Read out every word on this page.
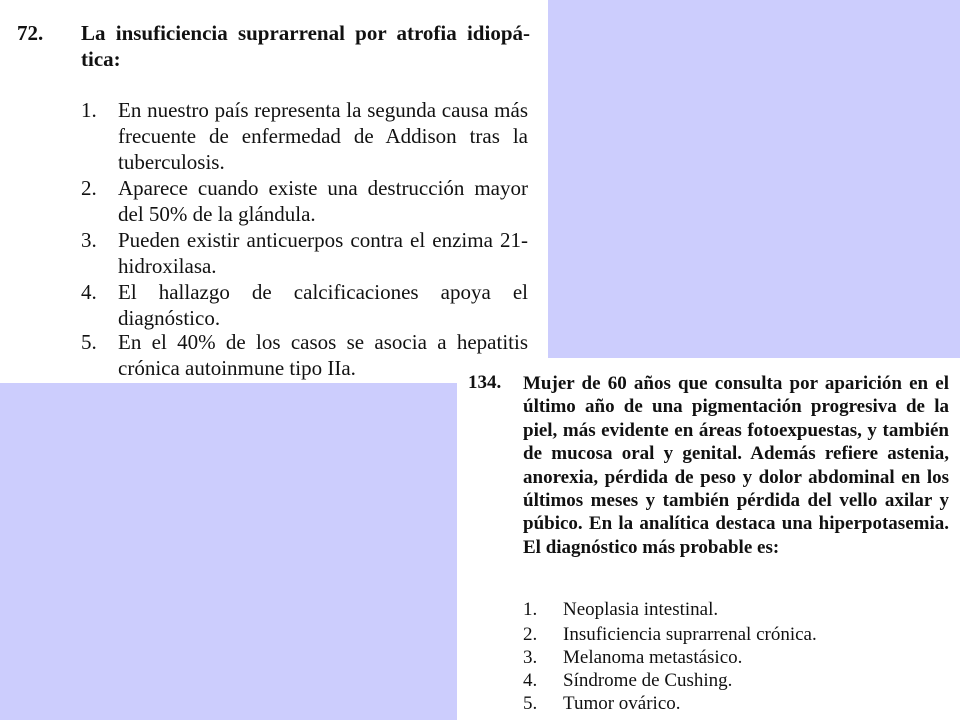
72. La insuficiencia suprarrenal por atrofia idiopá-tica:
1. En nuestro país representa la segunda causa más frecuente de enfermedad de Addison tras la tuberculosis.
2. Aparece cuando existe una destrucción mayor del 50% de la glándula.
3. Pueden existir anticuerpos contra el enzima 21-hidroxilasa.
4. El hallazgo de calcificaciones apoya el diagnóstico.
5. En el 40% de los casos se asocia a hepatitis crónica autoinmune tipo IIa.
134. Mujer de 60 años que consulta por aparición en el último año de una pigmentación progresiva de la piel, más evidente en áreas fotoexpuestas, y también de mucosa oral y genital. Además refiere astenia, anorexia, pérdida de peso y dolor abdominal en los últimos meses y también pérdida del vello axilar y púbico. En la analítica destaca una hiperpotasemia. El diagnóstico más probable es:
1. Neoplasia intestinal.
2. Insuficiencia suprarrenal crónica.
3. Melanoma metastásico.
4. Síndrome de Cushing.
5. Tumor ovárico.
